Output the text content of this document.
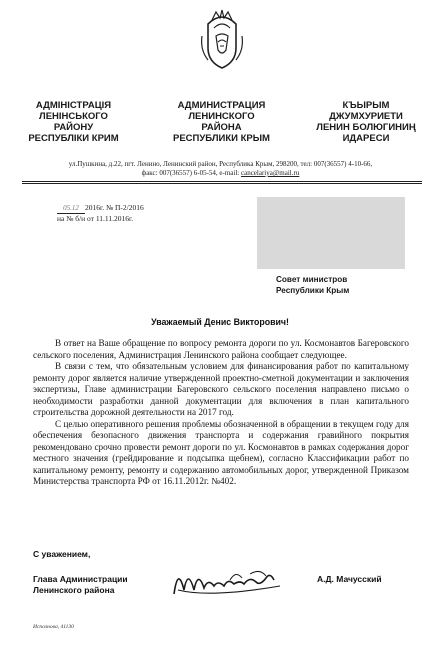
АДМІНІСТРАЦІЯ
ЛЕНІНСЬКОГО
РАЙОНУ
РЕСПУБЛІКИ КРИМ
АДМИНИСТРАЦИЯ
ЛЕНИНСКОГО
РАЙОНА
РЕСПУБЛИКИ КРЫМ
КЪЫРЫМ
ДЖУМХУРИЕТИ
ЛЕНИН БОЛЮГИНИҢ
ИДАРЕСИ
ул.Пушкина, д.22, пгт. Ленино, Ленинский район, Республика Крым, 298200, тел: 007(36557) 4-10-66,
факс: 007(36557) 6-05-54, e-mail: cancelariya@mail.ru
05.12 2016г. № П-2/2016
на № б/н от 11.11.2016г.
Совет министров
Республики Крым
Уважаемый Денис Викторович!

В ответ на Ваше обращение по вопросу ремонта дороги по ул. Космонавтов Багеровского сельского поселения, Администрация Ленинского района сообщает следующее.

В связи с тем, что обязательным условием для финансирования работ по капитальному ремонту дорог является наличие утвержденной проектно-сметной документации и заключения экспертизы, Главе администрации Багеровского сельского поселения направлено письмо о необходимости разработки данной документации для включения в план капитального строительства дорожной деятельности на 2017 год.

С целью оперативного решения проблемы обозначенной в обращении в текущем году для обеспечения безопасного движения транспорта и содержания гравийного покрытия рекомендовано срочно провести ремонт дороги по ул. Космонавтов в рамках содержания дорог местного значения (грейдирование и подсыпка щебнем), согласно Классификации работ по капитальному ремонту, ремонту и содержанию автомобильных дорог, утвержденной Приказом Министерства транспорта РФ от 16.11.2012г. №402.

С уважением,
Глава Администрации
Ленинского района
А.Д. Мачусский
Исполнова, 41130
